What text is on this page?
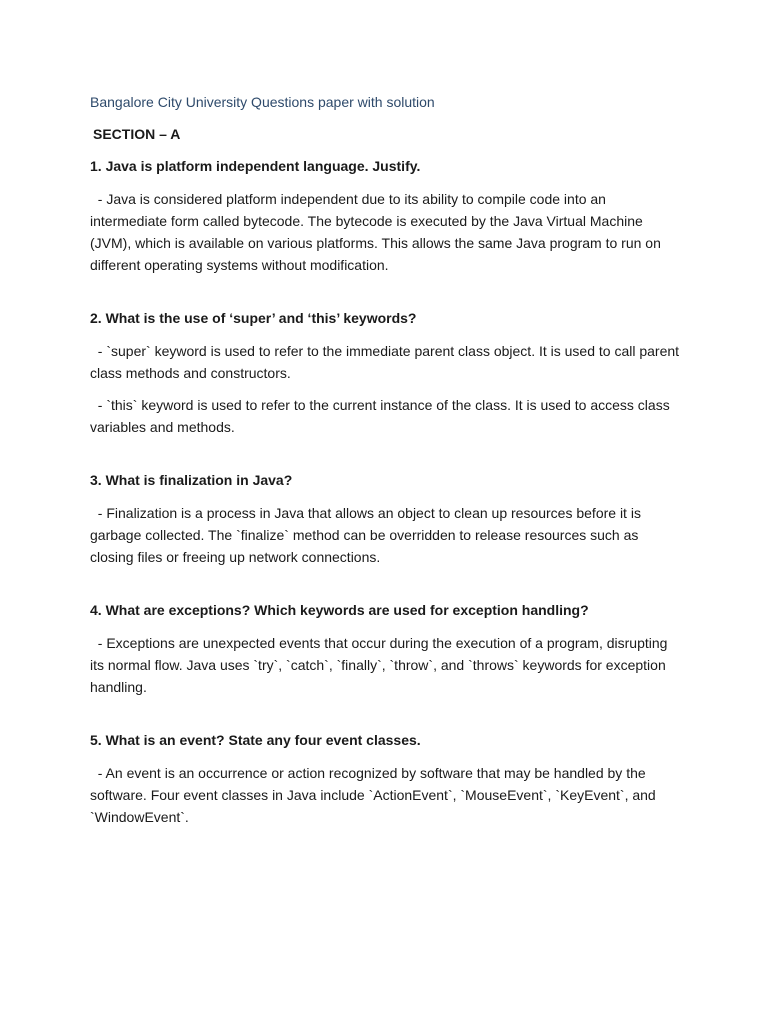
Bangalore City University Questions paper with solution
SECTION – A
1. Java is platform independent language. Justify.
- Java is considered platform independent due to its ability to compile code into an intermediate form called bytecode. The bytecode is executed by the Java Virtual Machine (JVM), which is available on various platforms. This allows the same Java program to run on different operating systems without modification.
2. What is the use of ‘super’ and ‘this’ keywords?
- `super` keyword is used to refer to the immediate parent class object. It is used to call parent class methods and constructors.
- `this` keyword is used to refer to the current instance of the class. It is used to access class variables and methods.
3. What is finalization in Java?
- Finalization is a process in Java that allows an object to clean up resources before it is garbage collected. The `finalize` method can be overridden to release resources such as closing files or freeing up network connections.
4. What are exceptions? Which keywords are used for exception handling?
- Exceptions are unexpected events that occur during the execution of a program, disrupting its normal flow. Java uses `try`, `catch`, `finally`, `throw`, and `throws` keywords for exception handling.
5. What is an event? State any four event classes.
- An event is an occurrence or action recognized by software that may be handled by the software. Four event classes in Java include `ActionEvent`, `MouseEvent`, `KeyEvent`, and `WindowEvent`.
